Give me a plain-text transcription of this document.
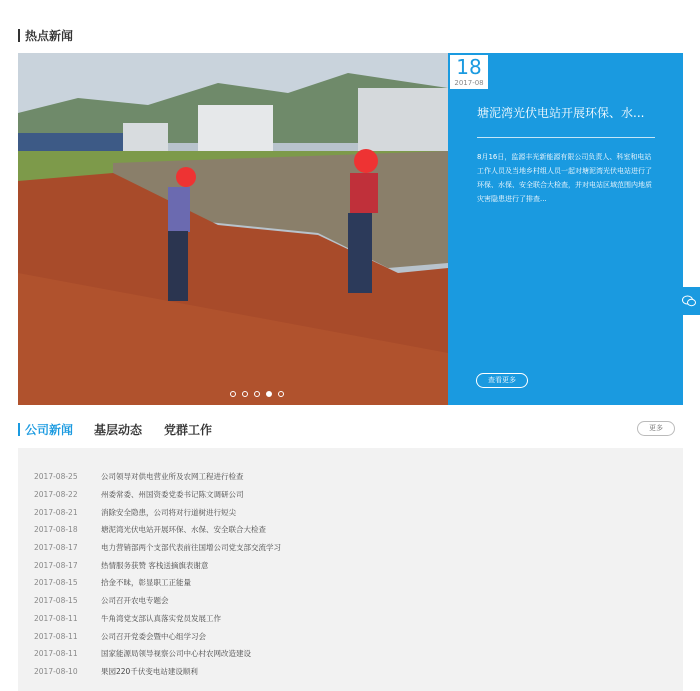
热点新闻
18
2017-08
塘泥湾光伏电站开展环保、水...
8月16日，监源丰光新能源有限公司负责人、科室和电站工作人员及当地乡村组人员一起对塘泥湾光伏电站进行了环保、水保、安全联合大检查，并对电站区域范围内地质灾害隐患进行了排查...
查看更多
公司新闻 基层动态 党群工作	更多
2017-08-25	公司领导对供电营业所及农网工程进行检查
2017-08-22	州委常委、州国资委党委书记陈文调研公司
2017-08-21	消除安全隐患，公司将对行道树进行短尖
2017-08-18	塘泥湾光伏电站开展环保、水保、安全联合大检查
2017-08-17	电力营销部两个支部代表前往国增公司党支部交流学习
2017-08-17	热情服务获赞 客栈送摘旗表谢意
2017-08-15	拾金不昧，彰显职工正能量
2017-08-15	公司召开农电专题会
2017-08-11	牛角湾党支部认真落实党员发展工作
2017-08-11	公司召开党委会暨中心组学习会
2017-08-11	国家能源局领导视察公司中心村农网改造建设
2017-08-10	果园220千伏变电站建设顺利
